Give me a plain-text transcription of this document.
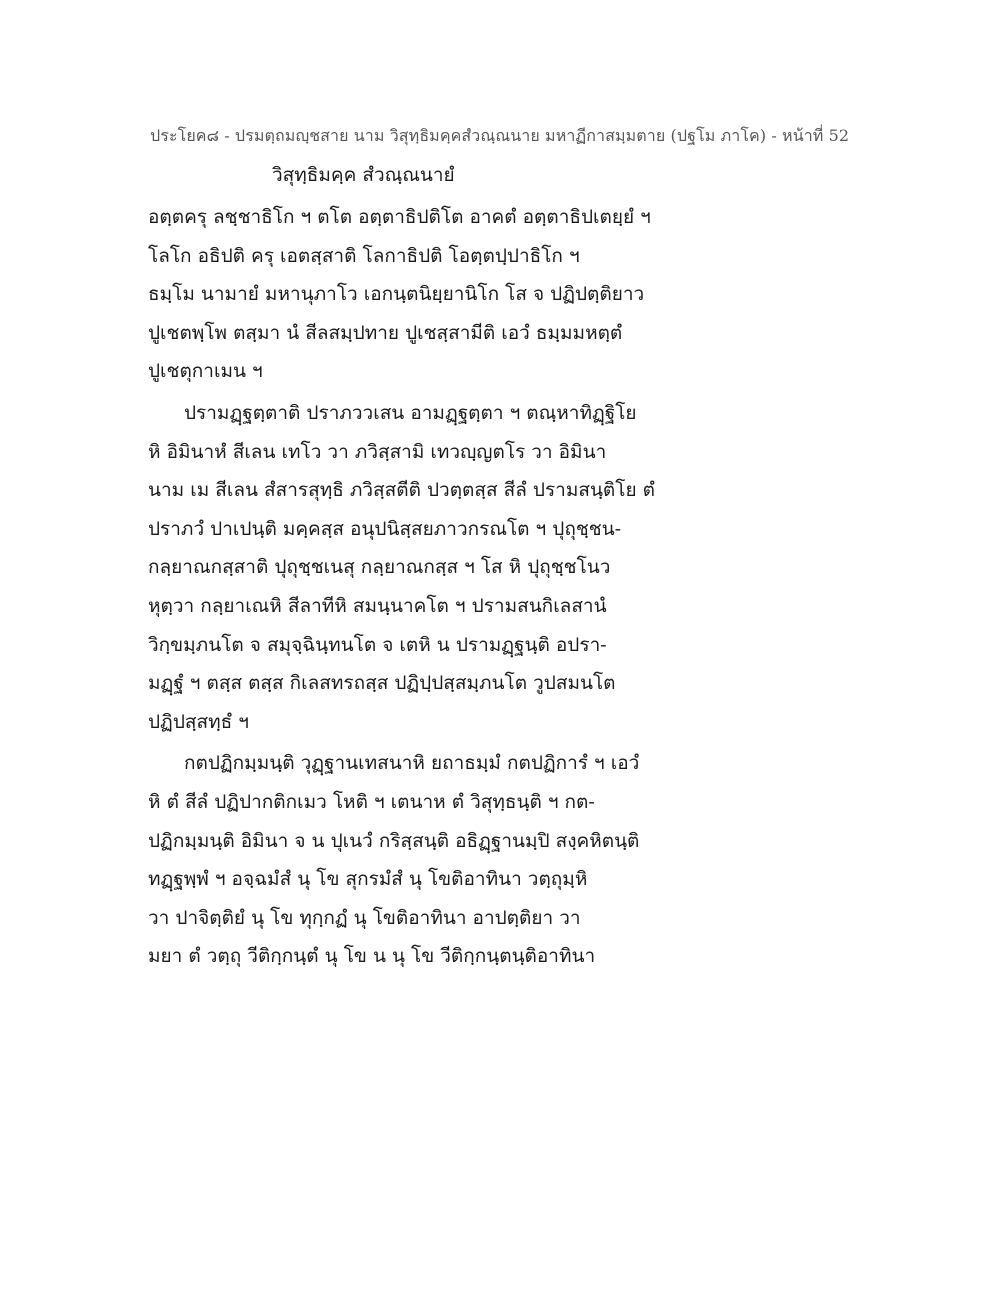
ประโยค๘ - ปรมตฺถมญฺชสาย นาม วิสุทฺธิมคฺคสํวณฺณนาย มหาฏีกาสมฺมตาย (ปฐโม ภาโค) - หน้าที่ 52
วิสุทฺธิมคฺค สํวณฺณนายํ
อตฺตครุ ลชฺชาธิโก ฯ ตโต อตฺตาธิปติโต อาคตํ อตฺตาธิปเตยฺยํ ฯ
โลโก อธิปติ ครุ เอตสฺสาติ โลกาธิปติ โอตฺตปฺปาธิโก ฯ
ธมฺโม นามายํ มหานุภาโว เอกนฺตนิยฺยานิโก โส จ ปฏิปตฺติยาว
ปูเชตพฺโพ ตสฺมา นํ สีลสมฺปทาย ปูเชสฺสามีติ เอวํ ธมฺมมหตฺตํ
ปูเชตุกาเมน ฯ
ปรามฏฺฐตฺตาติ ปราภววเสน อามฏฺฐตฺตา ฯ ตณฺหาทิฏฺฐิโย
หิ อิมินาหํ สีเลน เทโว วา ภวิสฺสามิ เทวญฺญตโร วา อิมินา
นาม เม สีเลน สํสารสุทฺธิ ภวิสฺสตีติ ปวตฺตสฺส สีลํ ปรามสนฺติโย ตํ
ปราภวํ ปาเปนฺติ มคฺคสฺส อนุปนิสฺสยภาวกรณโต ฯ ปุถุชฺชน-
กลฺยาณกสฺสาติ ปุถุชฺชเนสุ กลฺยาณกสฺส ฯ โส หิ ปุถุชฺชโนว
หุตฺวา กลฺยาเณหิ สีลาทีหิ สมนฺนาคโต ฯ ปรามสนกิเลสานํ
วิกฺขมฺภนโต จ สมุจฺฉินฺทนโต จ เตหิ น ปรามฏฺฐนฺติ อปรา-
มฏฺฐํ ฯ ตสฺส ตสฺส กิเลสทรถสฺส ปฏิปฺปสฺสมฺภนโต วูปสมนโต
ปฏิปสฺสทฺธํ ฯ
กตปฏิกมฺมนฺติ วุฏฺฐานเทสนาหิ ยถาธมฺมํ กตปฏิการํ ฯ เอวํ
หิ ตํ สีลํ ปฏิปากติกเมว โหติ ฯ เตนาห ตํ วิสุทฺธนฺติ ฯ กต-
ปฏิกมฺมนฺติ อิมินา จ น ปุเนวํ กริสฺสนฺติ อธิฏฺฐานมฺปิ สงฺคหิตนฺติ
ทฏฺฐพฺพํ ฯ อจฺฉมํสํ นุ โข สุกรมํสํ นุ โขติอาทินา วตฺถุมฺหิ
วา ปาจิตฺติยํ นุ โข ทุกฺกฏํ นุ โขติอาทินา อาปตฺติยา วา
มยา ตํ วตฺถุ วีติกฺกนฺตํ นุ โข น นุ โข วีติกฺกนฺตนฺติอาทินา
